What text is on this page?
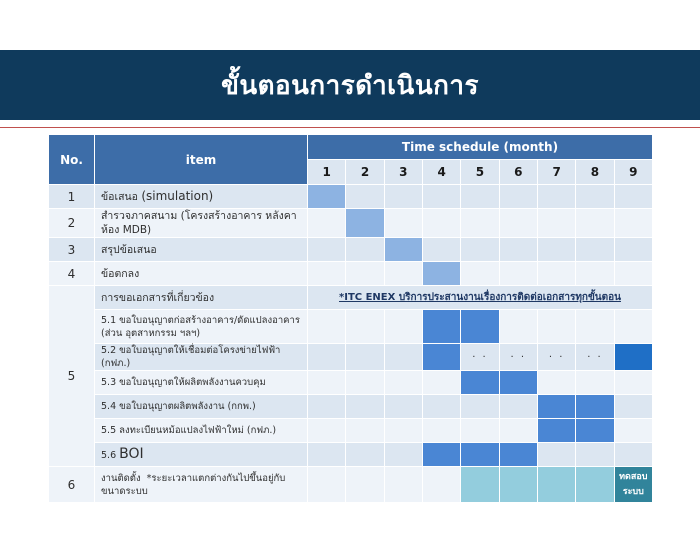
ขั้นตอนการดำเนินการ
No.	item	Time schedule (month)								
		1	2	3	4	5	6	7	8	9
1	ข้อเสนอ (simulation)									
2	สำรวจภาคสนาม (โครงสร้างอาคาร หลังคา ห้อง MDB)									
3	สรุปข้อเสนอ									
4	ข้อตกลง									
5	การขอเอกสารที่เกี่ยวข้อง	*ITC ENEX บริการประสานงานเรื่องการติดต่อเอกสารทุกขั้นตอน								
	5.1 ขอใบอนุญาตก่อสร้างอาคาร/ดัดแปลงอาคาร (ส่วน อุตสาหกรรม ฯลฯ)									
	5.2 ขอใบอนุญาตให้เชื่อมต่อโครงข่ายไฟฟ้า (กฟภ.)					· ·	· ·	· ·	· ·	
	5.3 ขอใบอนุญาตให้ผลิตพลังงานควบคุม									
	5.4 ขอใบอนุญาตผลิตพลังงาน (กกพ.)									
	5.5 ลงทะเบียนหม้อแปลงไฟฟ้าใหม่ (กฟภ.)									
	5.6 BOI									
6	งานติดตั้ง *ระยะเวลาแตกต่างกันไปขึ้นอยู่กับขนาดระบบ									ทดสอบระบบ
